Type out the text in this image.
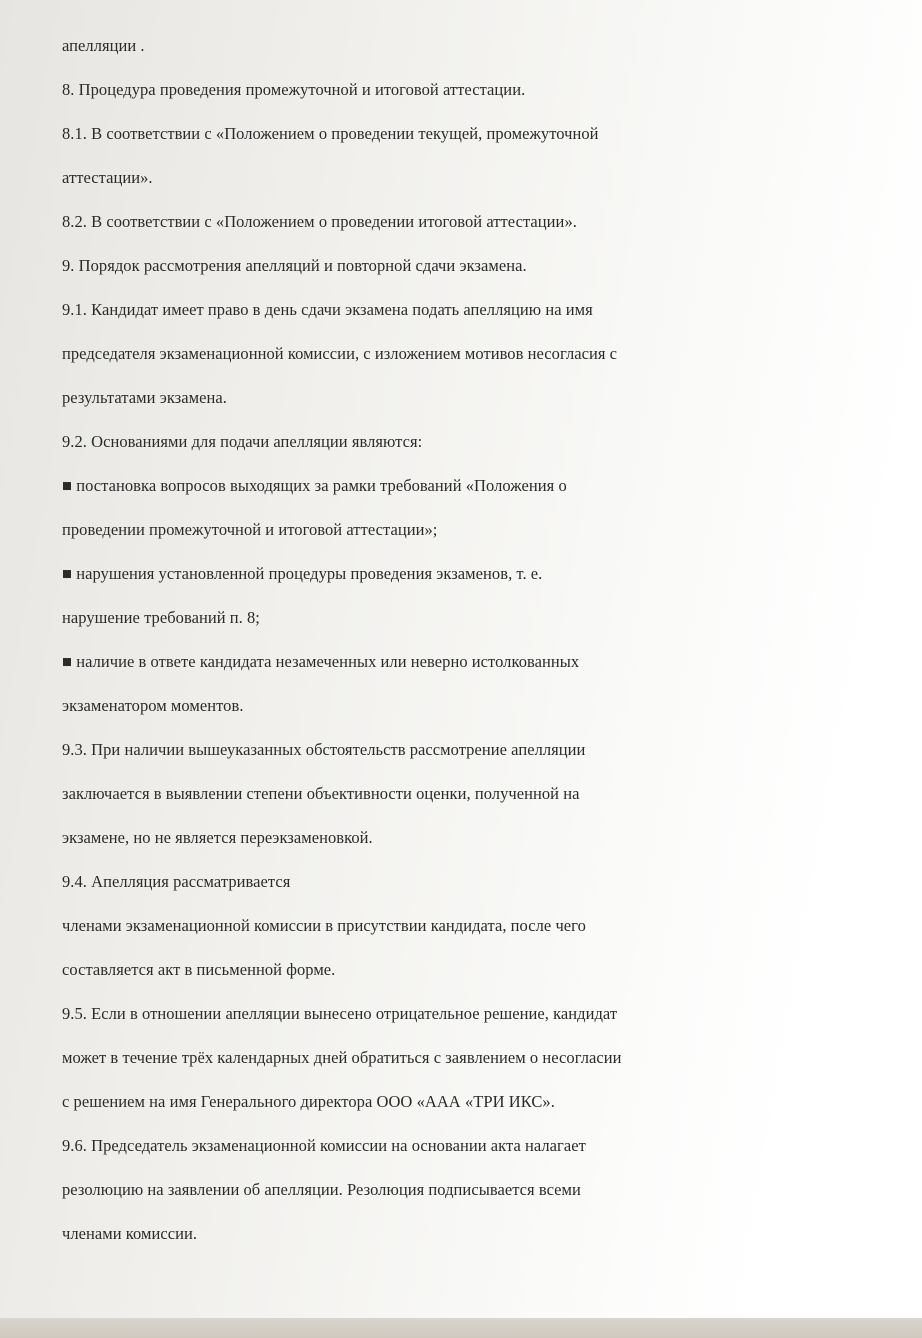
апелляции .
8. Процедура проведения промежуточной и итоговой аттестации.
8.1. В соответствии с «Положением о проведении текущей, промежуточной
аттестации».
8.2. В соответствии с «Положением о проведении итоговой аттестации».
9. Порядок рассмотрения апелляций и повторной сдачи экзамена.
9.1. Кандидат имеет право в день сдачи экзамена подать апелляцию на имя
председателя экзаменационной комиссии, с изложением мотивов несогласия с
результатами экзамена.
9.2. Основаниями для подачи апелляции являются:
■ постановка вопросов выходящих за рамки требований «Положения о
проведении промежуточной и итоговой аттестации»;
■ нарушения установленной процедуры проведения экзаменов, т. е.
нарушение требований п. 8;
■ наличие в ответе кандидата незамеченных или неверно истолкованных
экзаменатором моментов.
9.3. При наличии вышеуказанных обстоятельств рассмотрение апелляции
заключается в выявлении степени объективности оценки, полученной на
экзамене, но не является переэкзаменовкой.
9.4. Апелляция рассматривается
членами экзаменационной комиссии в присутствии кандидата, после чего
составляется акт в письменной форме.
9.5. Если в отношении апелляции вынесено отрицательное решение, кандидат
может в течение трёх календарных дней обратиться с заявлением о несогласии
с решением на имя Генерального директора ООО «ААА «ТРИ ИКС».
9.6. Председатель экзаменационной комиссии на основании акта налагает
резолюцию на заявлении об апелляции. Резолюция подписывается всеми
членами комиссии.
